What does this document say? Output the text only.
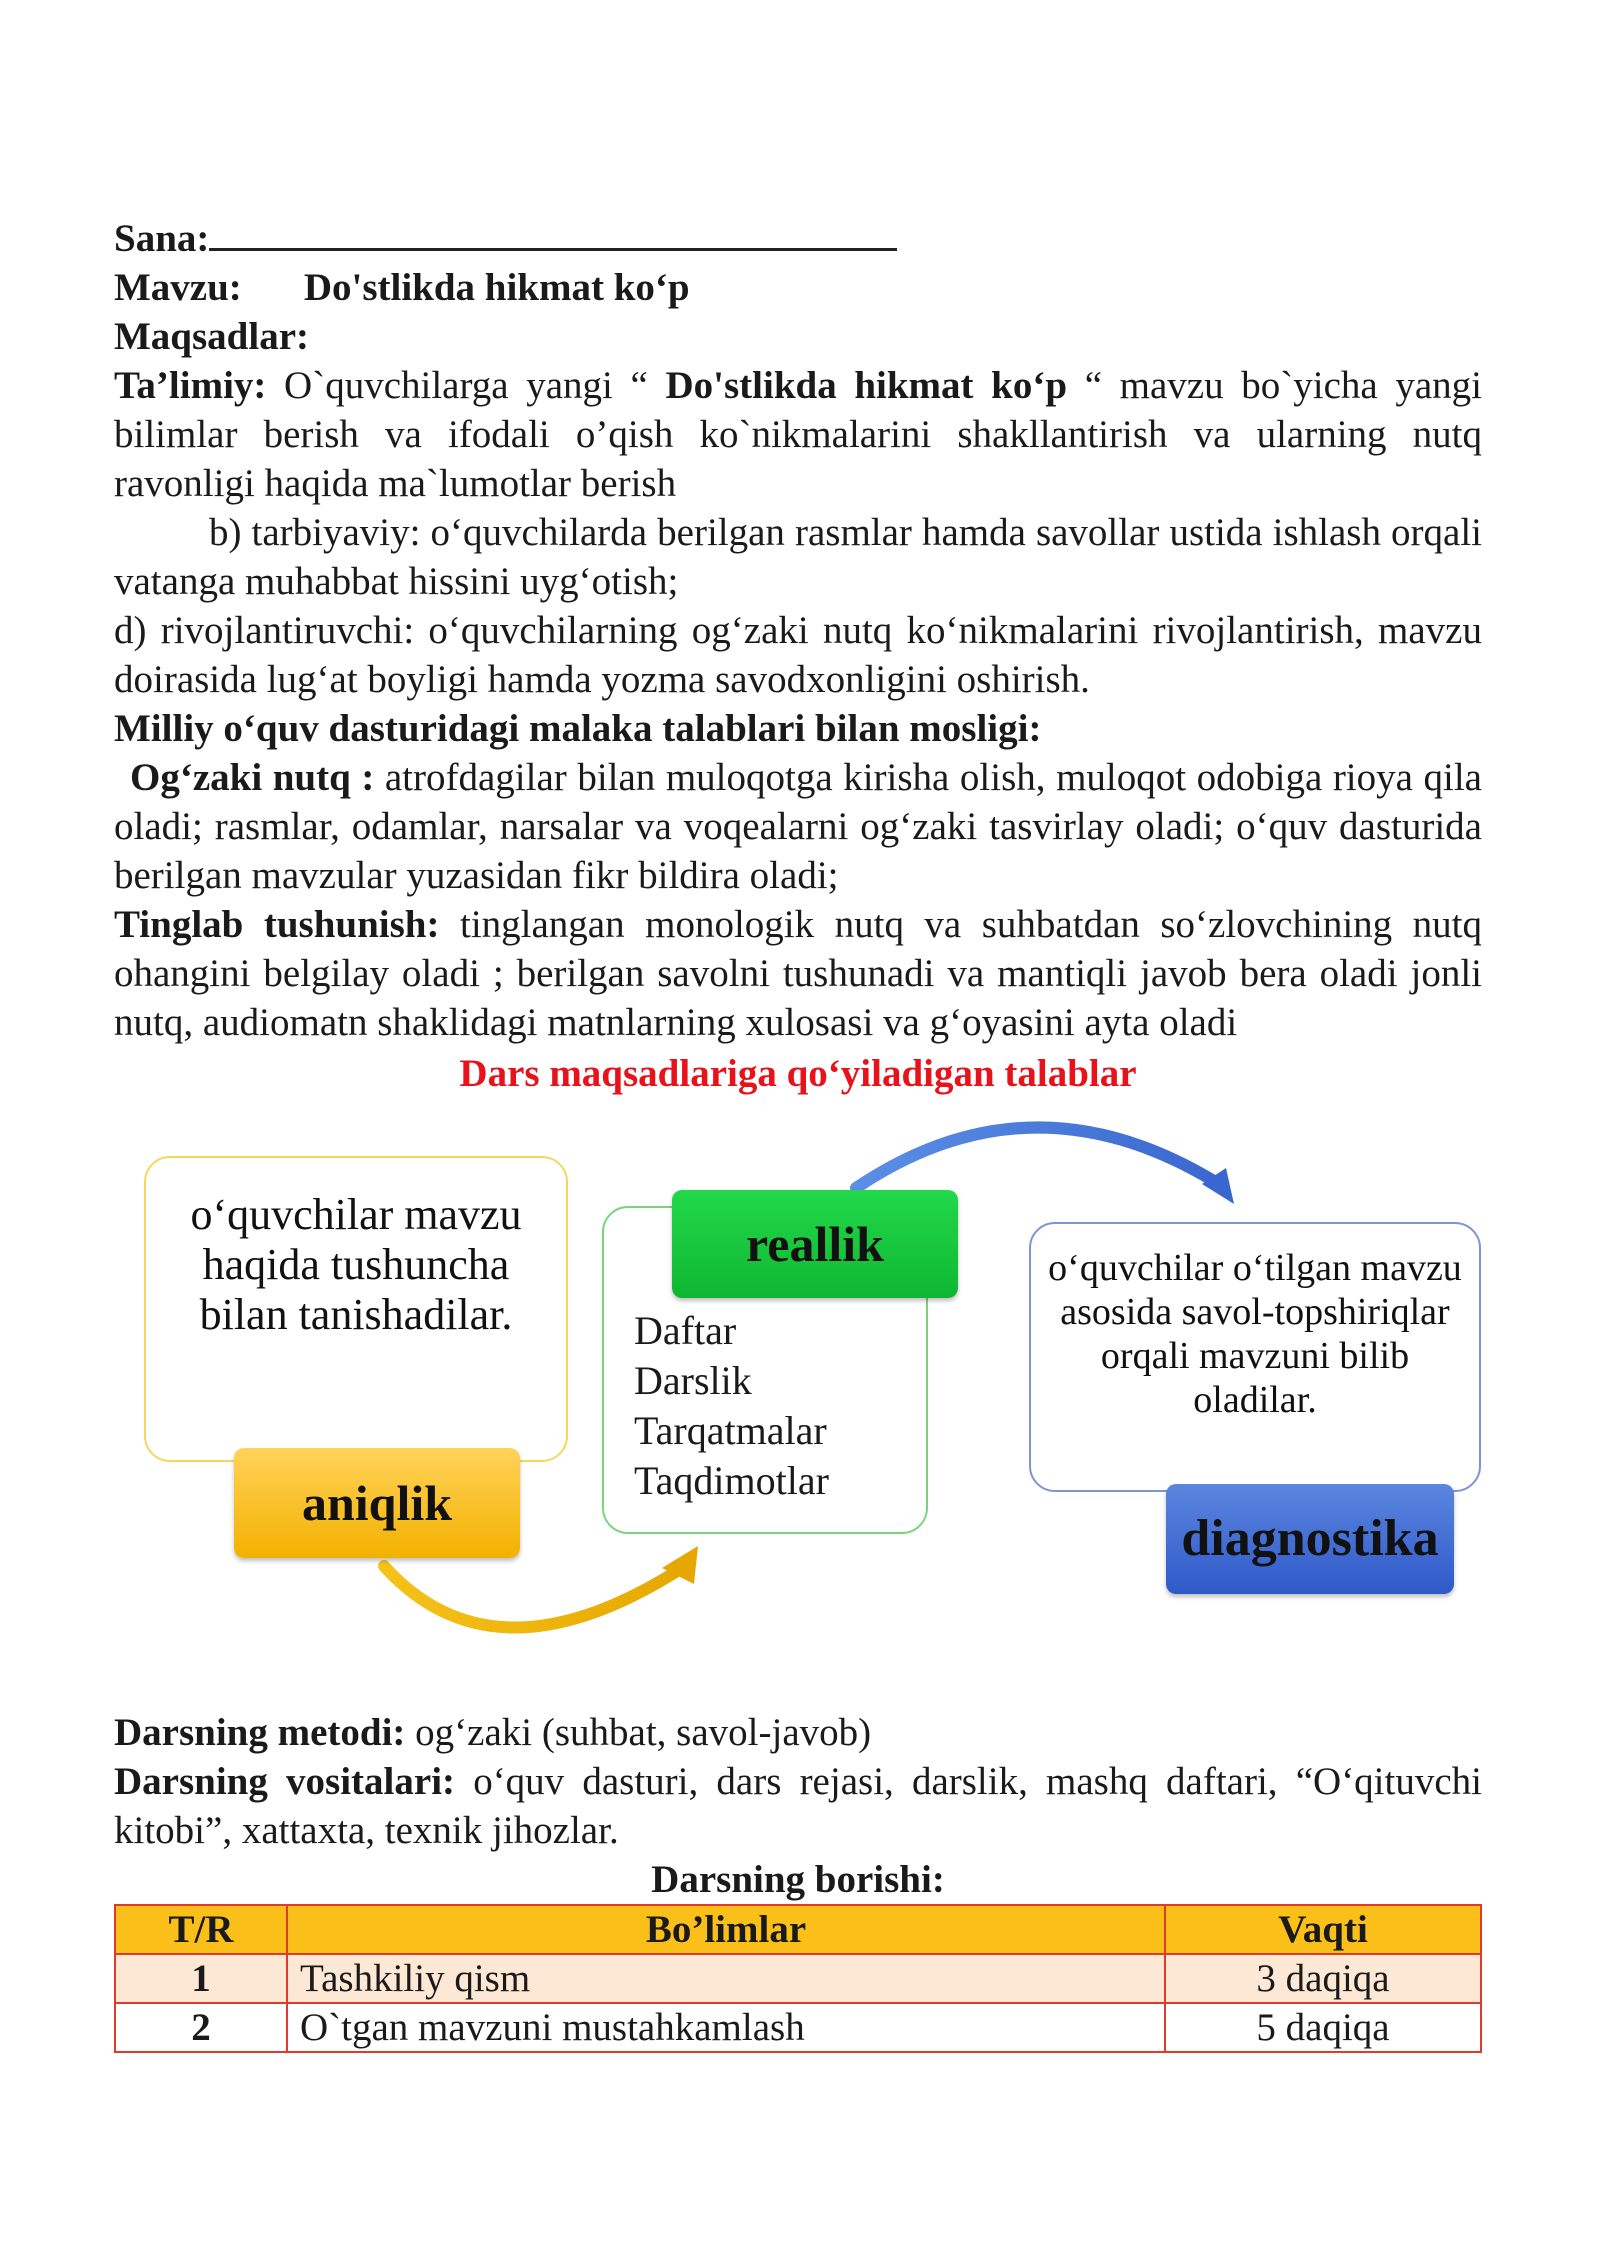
Sana:
Mavzu: Do'stlikda hikmat ko‘p
Maqsadlar:
Ta’limiy: O`quvchilarga yangi “ Do'stlikda hikmat ko‘p “ mavzu bo`yicha yangi bilimlar berish va ifodali o’qish ko`nikmalarini shakllantirish va ularning nutq ravonligi haqida ma`lumotlar berish
b) tarbiyaviy: o‘quvchilarda berilgan rasmlar hamda savollar ustida ishlash orqali vatanga muhabbat hissini uyg‘otish;
d) rivojlantiruvchi: o‘quvchilarning og‘zaki nutq ko‘nikmalarini rivojlantirish, mavzu doirasida lug‘at boyligi hamda yozma savodxonligini oshirish.
Milliy o‘quv dasturidagi malaka talablari bilan mosligi:
Og‘zaki nutq : atrofdagilar bilan muloqotga kirisha olish, muloqot odobiga rioya qila oladi; rasmlar, odamlar, narsalar va voqealarni og‘zaki tasvirlay oladi; o‘quv dasturida berilgan mavzular yuzasidan fikr bildira oladi;
Tinglab tushunish: tinglangan monologik nutq va suhbatdan so‘zlovchining nutq ohangini belgilay oladi ; berilgan savolni tushunadi va mantiqli javob bera oladi jonli nutq, audiomatn shaklidagi matnlarning xulosasi va g‘oyasini ayta oladi
Dars maqsadlariga qo‘yiladigan talablar
o‘quvchilar mavzu haqida tushuncha bilan tanishadilar.	Daftar
Darslik
Tarqatmalar
Taqdimotlar
o‘quvchilar o‘tilgan mavzu asosida savol-topshiriqlar orqali mavzuni bilib oladilar.
aniqlik
reallik
diagnostika
Darsning metodi: og‘zaki (suhbat, savol-javob)
Darsning vositalari: o‘quv dasturi, dars rejasi, darslik, mashq daftari, “O‘qituvchi kitobi”, xattaxta, texnik jihozlar.
Darsning borishi:
T/R	Bo’limlar	Vaqti
1	Tashkiliy qism	3 daqiqa
2	O`tgan mavzuni mustahkamlash	5 daqiqa
